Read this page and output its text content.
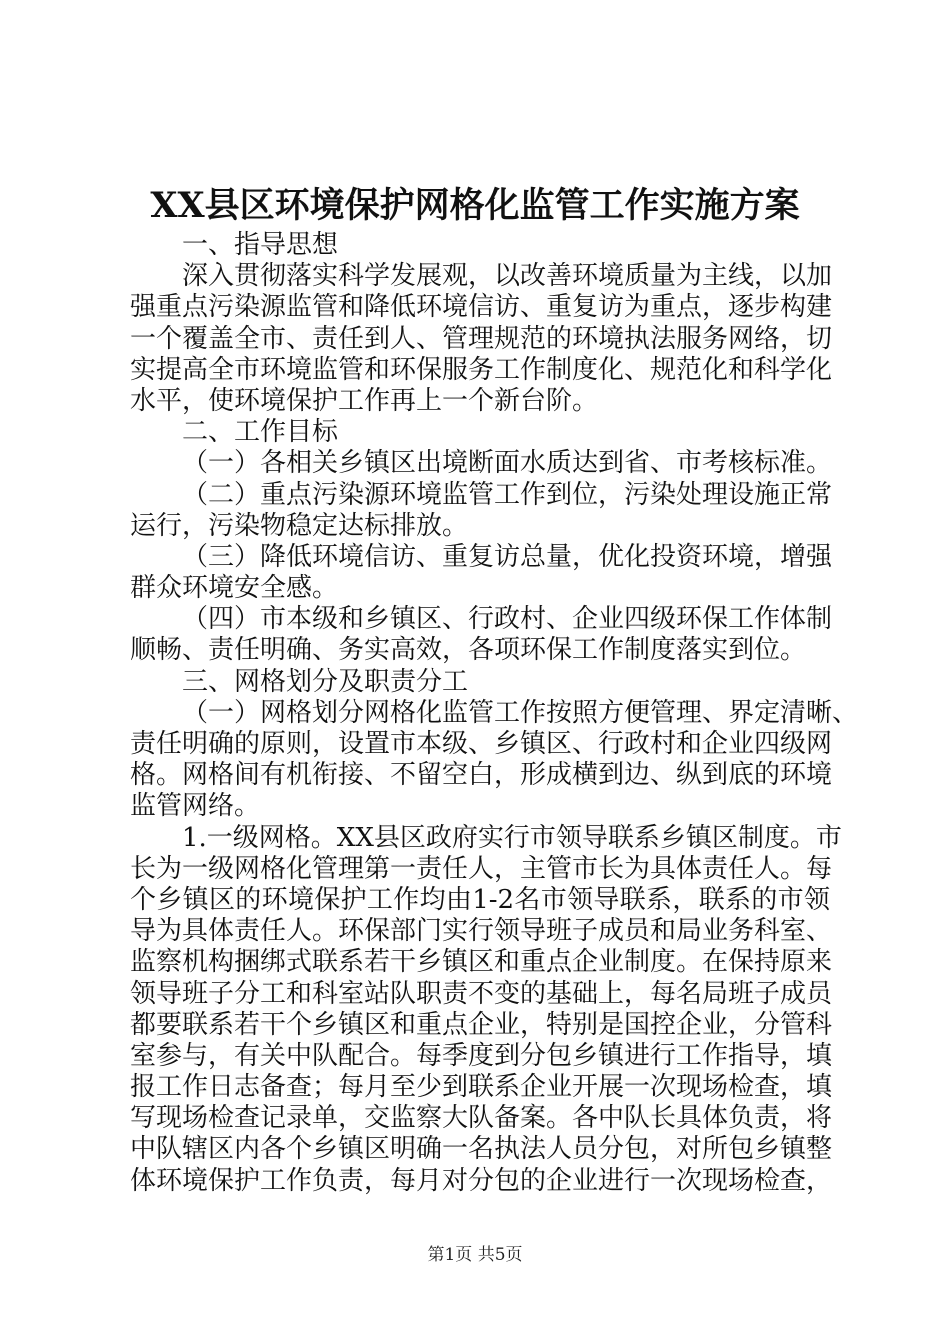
XX县区环境保护网格化监管工作实施方案
一、指导思想
深入贯彻落实科学发展观，以改善环境质量为主线，以加
强重点污染源监管和降低环境信访、重复访为重点，逐步构建
一个覆盖全市、责任到人、管理规范的环境执法服务网络，切
实提高全市环境监管和环保服务工作制度化、规范化和科学化
水平，使环境保护工作再上一个新台阶。
二、工作目标
（一）各相关乡镇区出境断面水质达到省、市考核标准。
（二）重点污染源环境监管工作到位，污染处理设施正常
运行，污染物稳定达标排放。
（三）降低环境信访、重复访总量，优化投资环境，增强
群众环境安全感。
（四）市本级和乡镇区、行政村、企业四级环保工作体制
顺畅、责任明确、务实高效，各项环保工作制度落实到位。
三、网格划分及职责分工
（一）网格划分网格化监管工作按照方便管理、界定清晰、
责任明确的原则，设置市本级、乡镇区、行政村和企业四级网
格。网格间有机衔接、不留空白，形成横到边、纵到底的环境
监管网络。
1.一级网格。XX县区政府实行市领导联系乡镇区制度。市
长为一级网格化管理第一责任人，主管市长为具体责任人。每
个乡镇区的环境保护工作均由1-2名市领导联系，联系的市领
导为具体责任人。环保部门实行领导班子成员和局业务科室、
监察机构捆绑式联系若干乡镇区和重点企业制度。在保持原来
领导班子分工和科室站队职责不变的基础上，每名局班子成员
都要联系若干个乡镇区和重点企业，特别是国控企业，分管科
室参与，有关中队配合。每季度到分包乡镇进行工作指导，填
报工作日志备查；每月至少到联系企业开展一次现场检查，填
写现场检查记录单，交监察大队备案。各中队长具体负责，将
中队辖区内各个乡镇区明确一名执法人员分包，对所包乡镇整
体环境保护工作负责，每月对分包的企业进行一次现场检查，
第1页 共5页
